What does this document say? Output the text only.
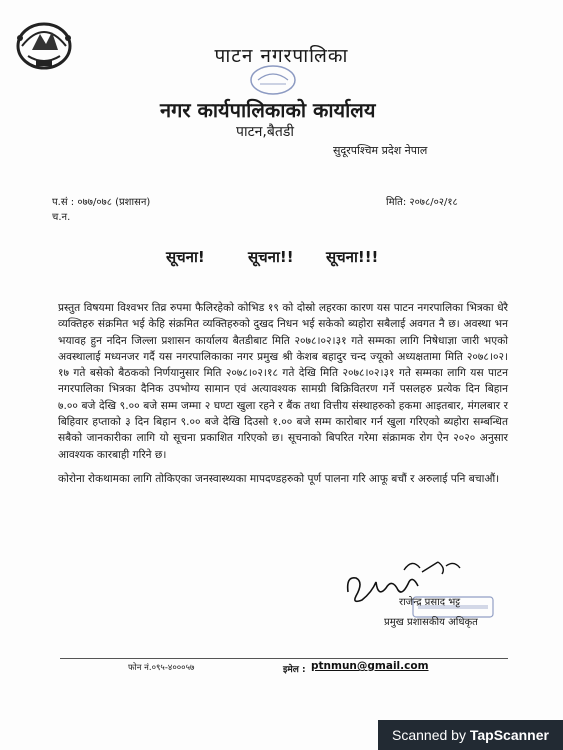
पाटन नगरपालिका
नगर कार्यपालिकाको कार्यालय
पाटन,बैतडी
सुदूरपश्चिम प्रदेश नेपाल
प.सं : ०७७/०७८ (प्रशासन)	मिति: २०७८/०२/१८
च.न.
सूचना!	सूचना!! सूचना!!!

प्रस्तुत विषयमा विश्वभर तिव्र रुपमा फैलिरहेको कोभिड १९ को दोस्रो लहरका कारण यस पाटन नगरपालिका भित्रका धेरै व्यक्तिहरु संक्रमित भई केहि संक्रमित व्यक्तिहरुको दुखद निधन भई सकेको ब्यहोरा सबैलाई अवगत नै छ। अवस्था भन भयावह हुन नदिन जिल्ला प्रशासन कार्यालय बैतडीबाट मिति २०७८।०२।३१ गते सम्मका लागि निषेधाज्ञा जारी भएको अवस्थालाई मध्यनजर गर्दै यस नगरपालिकाका नगर प्रमुख श्री केशब बहादुर चन्द ज्यूको अध्यक्षतामा मिति २०७८।०२।१७ गते बसेको बैठकको निर्णयानुसार मिति २०७८।०२।१८ गते देखि मिति २०७८।०२।३१ गते सम्मका लागि यस पाटन नगरपालिका भित्रका दैनिक उपभोग्य सामान एवं अत्यावश्यक सामग्री बिक्रिवितरण गर्ने पसलहरु प्रत्येक दिन बिहान ७.०० बजे देखि ९.०० बजे सम्म जम्मा २ घण्टा खुला रहने र बैंक तथा वित्तीय संस्थाहरुको हकमा आइतबार, मंगलबार र बिहिवार हप्ताको ३ दिन बिहान ९.०० बजे देखि दिउसो १.०० बजे सम्म कारोबार गर्न खुला गरिएको ब्यहोरा सम्बन्धित सबैको जानकारीका लागि यो सूचना प्रकाशित गरिएको छ। सूचनाको बिपरित गरेमा संक्रामक रोग ऐन २०२० अनुसार आवश्यक कारबाही गरिने छ।

कोरोना रोकथामका लागि तोकिएका जनस्वास्थ्यका मापदण्डहरुको पूर्ण पालना गरि आफू बचौं र अरुलाई पनि बचाऔं।

राजेन्द्र प्रसाद भट्ट
प्रमुख प्रशासकीय अधिकृत
फोन नं.०९५-४०००५७	इमेल : ptnmun@gmail.com
Scanned by TapScanner
